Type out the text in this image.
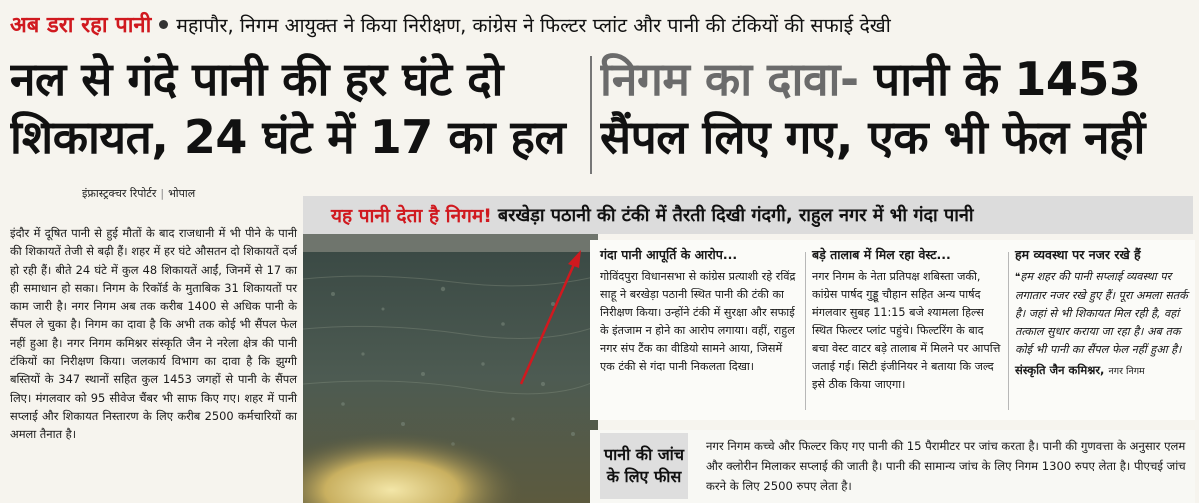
अब डरा रहा पानी महापौर, निगम आयुक्त ने किया निरीक्षण, कांग्रेस ने फिल्टर प्लांट और पानी की टंकियों की सफाई देखी
नल से गंदे पानी की हर घंटे दो
शिकायत, 24 घंटे में 17 का हल
निगम का दावा- पानी के 1453
सैंपल लिए गए, एक भी फेल नहीं
इंफ्रास्ट्रक्चर रिपोर्टर | भोपाल
इंदौर में दूषित पानी से हुई मौतों के बाद राजधानी में भी पीने के पानी की शिकायतें तेजी से बढ़ी हैं। शहर में हर घंटे औसतन दो शिकायतें दर्ज हो रही हैं। बीते 24 घंटे में कुल 48 शिकायतें आईं, जिनमें से 17 का ही समाधान हो सका। निगम के रिकॉर्ड के मुताबिक 31 शिकायतों पर काम जारी है। नगर निगम अब तक करीब 1400 से अधिक पानी के सैंपल ले चुका है। निगम का दावा है कि अभी तक कोई भी सैंपल फेल नहीं हुआ है। नगर निगम कमिश्नर संस्कृति जैन ने नरेला क्षेत्र की पानी टंकियों का निरीक्षण किया। जलकार्य विभाग का दावा है कि झुग्गी बस्तियों के 347 स्थानों सहित कुल 1453 जगहों से पानी के सैंपल लिए। मंगलवार को 95 सीवेज चैंबर भी साफ किए गए। शहर में पानी सप्लाई और शिकायत निस्तारण के लिए करीब 2500 कर्मचारियों का अमला तैनात है।
यह पानी देता है निगम! बरखेड़ा पठानी की टंकी में तैरती दिखी गंदगी, राहुल नगर में भी गंदा पानी
गंदा पानी आपूर्ति के आरोप...

गोविंदपुरा विधानसभा से कांग्रेस प्रत्याशी रहे रविंद्र साहू ने बरखेड़ा पठानी स्थित पानी की टंकी का निरीक्षण किया। उन्होंने टंकी में सुरक्षा और सफाई के इंतजाम न होने का आरोप लगाया। वहीं, राहुल नगर संप टैंक का वीडियो सामने आया, जिसमें एक टंकी से गंदा पानी निकलता दिखा।

बड़े तालाब में मिल रहा वेस्ट...

नगर निगम के नेता प्रतिपक्ष शबिस्ता जकी, कांग्रेस पार्षद गुड्डू चौहान सहित अन्य पार्षद मंगलवार सुबह 11:15 बजे श्यामला हिल्स स्थित फिल्टर प्लांट पहुंचे। फिल्टरिंग के बाद बचा वेस्ट वाटर बड़े तालाब में मिलने पर आपत्ति जताई गई। सिटी इंजीनियर ने बताया कि जल्द इसे ठीक किया जाएगा।

हम व्यवस्था पर नजर रखे हैं

❝हम शहर की पानी सप्लाई व्यवस्था पर लगातार नजर रखे हुए हैं। पूरा अमला सतर्क है। जहां से भी शिकायत मिल रही है, वहां तत्काल सुधार कराया जा रहा है। अब तक कोई भी पानी का सैंपल फेल नहीं हुआ है।

संस्कृति जैन कमिश्नर, नगर निगम
पानी की जांच
के लिए फीस
नगर निगम कच्चे और फिल्टर किए गए पानी की 15 पैरामीटर पर जांच करता है। पानी की गुणवत्ता के अनुसार एलम और क्लोरीन मिलाकर सप्लाई की जाती है। पानी की सामान्य जांच के लिए निगम 1300 रुपए लेता है। पीएचई जांच करने के लिए 2500 रुपए लेता है।
